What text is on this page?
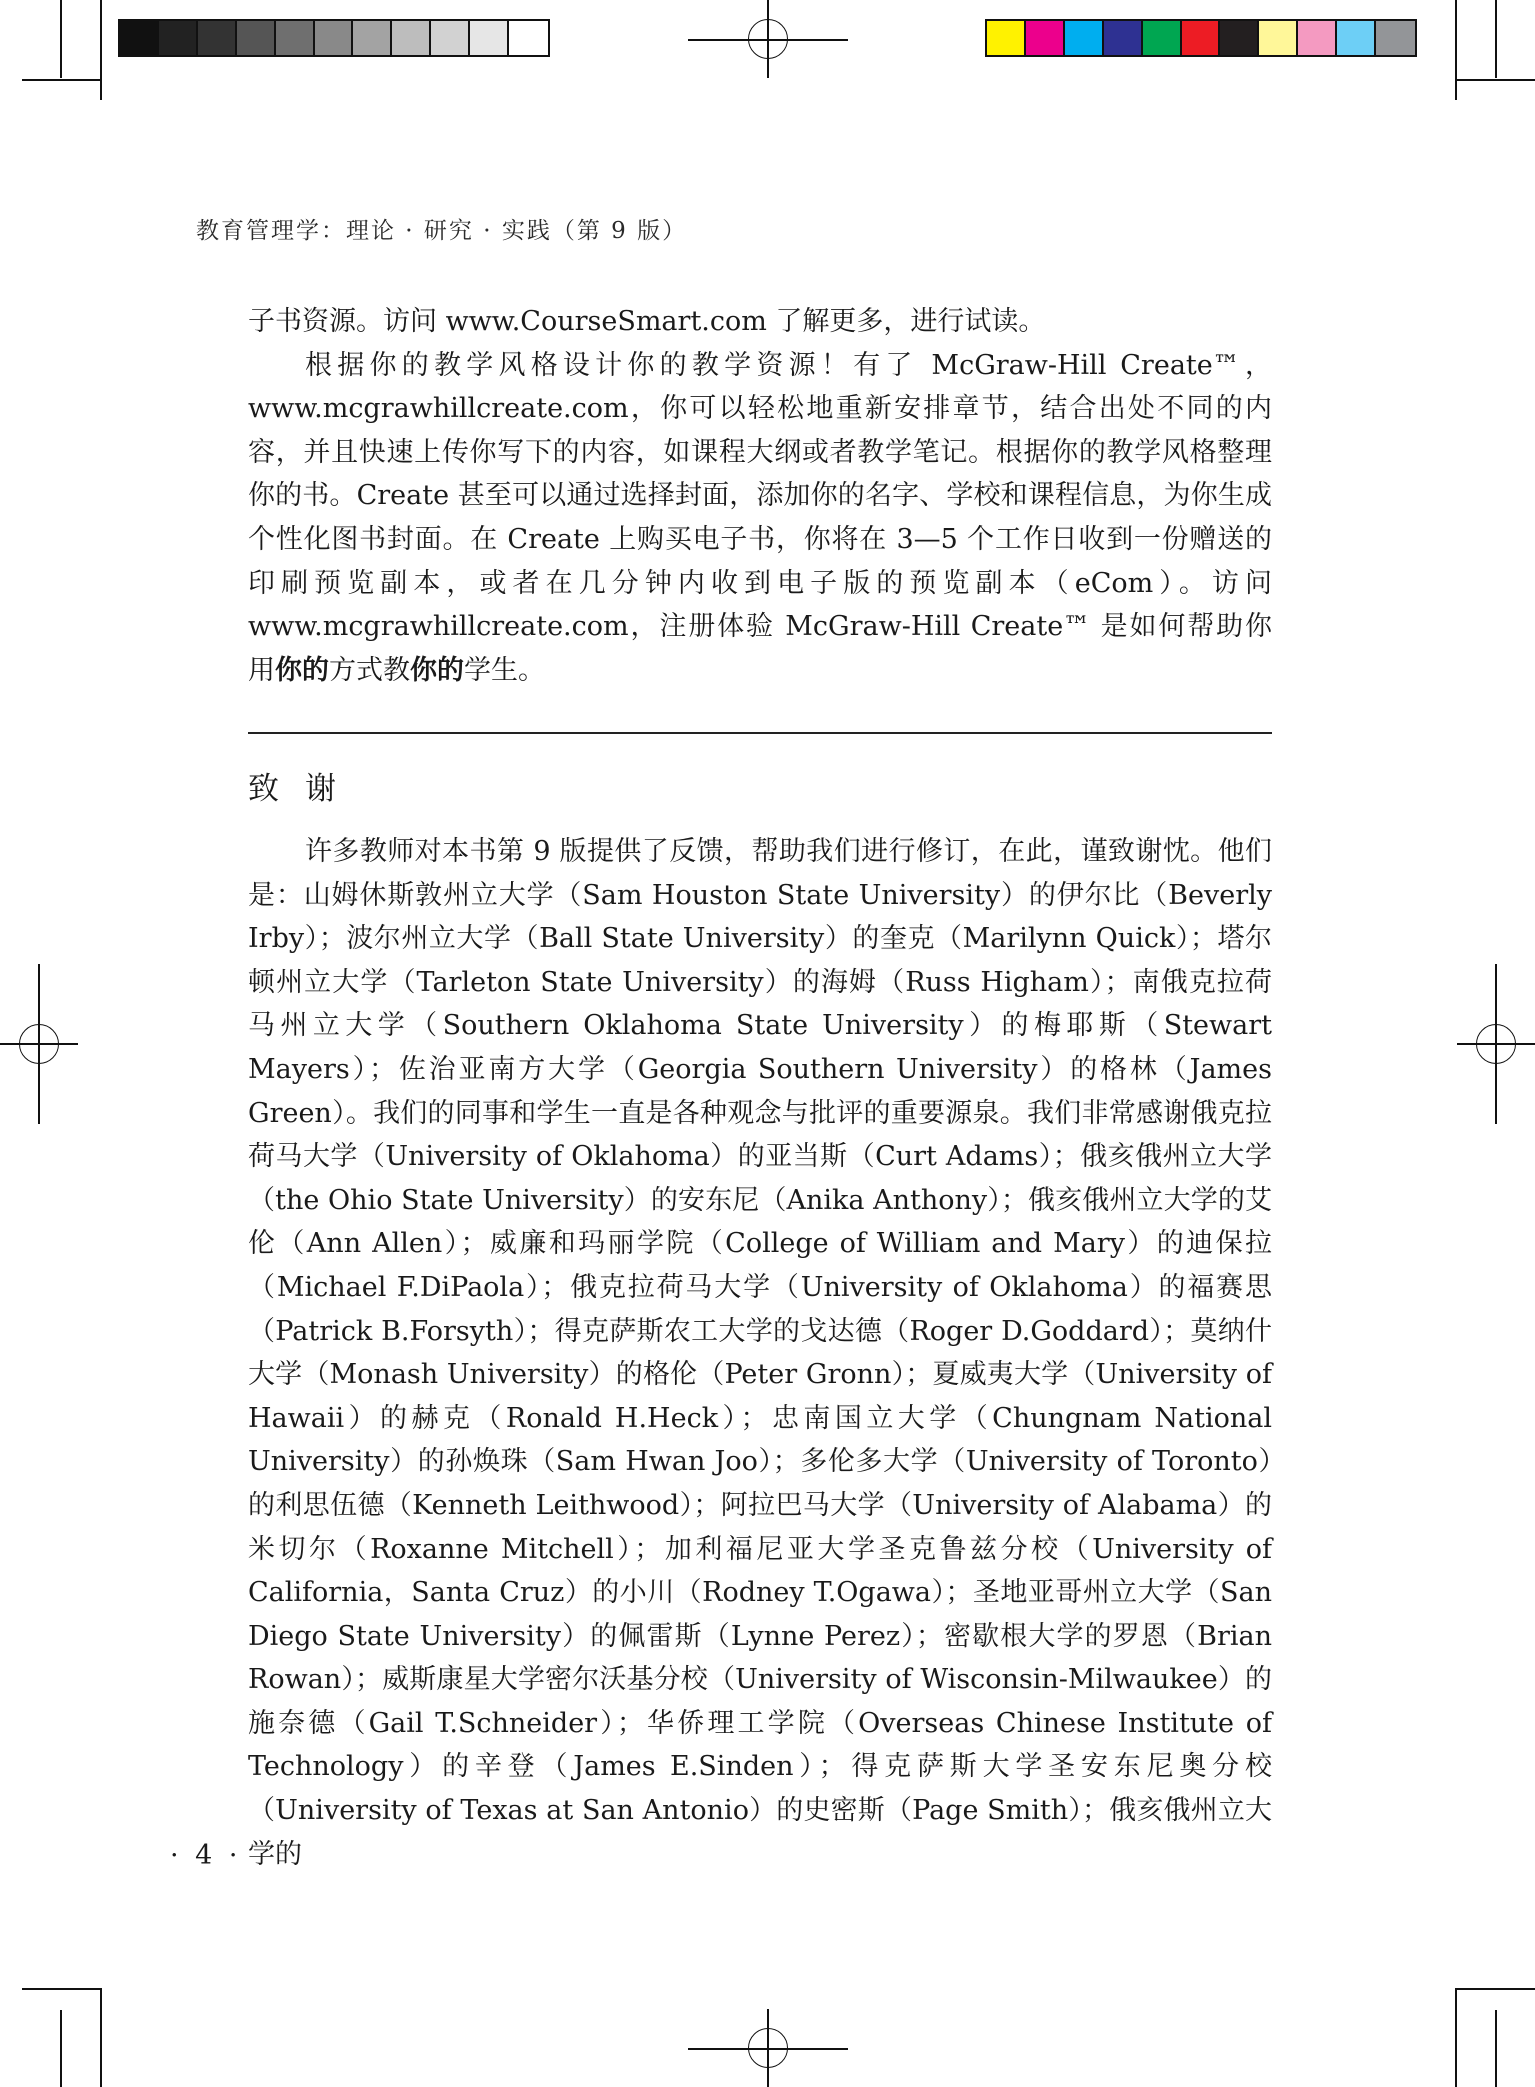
教育管理学：理论 · 研究 · 实践（第 9 版）

子书资源。访问 www.CourseSmart.com 了解更多，进行试读。

根据你的教学风格设计你的教学资源！有了 McGraw-Hill Create™，www.mcgrawhillcreate.com，你可以轻松地重新安排章节，结合出处不同的内容，并且快速上传你写下的内容，如课程大纲或者教学笔记。根据你的教学风格整理你的书。Create 甚至可以通过选择封面，添加你的名字、学校和课程信息，为你生成个性化图书封面。在 Create 上购买电子书，你将在 3—5 个工作日收到一份赠送的印刷预览副本，或者在几分钟内收到电子版的预览副本（eCom）。访问 www.mcgrawhillcreate.com，注册体验 McGraw-Hill Create™ 是如何帮助你用你的方式教你的学生。

致谢

许多教师对本书第 9 版提供了反馈，帮助我们进行修订，在此，谨致谢忱。他们是：山姆休斯敦州立大学（Sam Houston State University）的伊尔比（Beverly Irby）；波尔州立大学（Ball State University）的奎克（Marilynn Quick）；塔尔顿州立大学（Tarleton State University）的海姆（Russ Higham）；南俄克拉荷马州立大学（Southern Oklahoma State University）的梅耶斯（Stewart Mayers）；佐治亚南方大学（Georgia Southern University）的格林（James Green）。我们的同事和学生一直是各种观念与批评的重要源泉。我们非常感谢俄克拉荷马大学（University of Oklahoma）的亚当斯（Curt Adams）；俄亥俄州立大学（the Ohio State University）的安东尼（Anika Anthony）；俄亥俄州立大学的艾伦（Ann Allen）；威廉和玛丽学院（College of William and Mary）的迪保拉（Michael F.DiPaola）；俄克拉荷马大学（University of Oklahoma）的福赛思（Patrick B.Forsyth）；得克萨斯农工大学的戈达德（Roger D.Goddard）；莫纳什大学（Monash University）的格伦（Peter Gronn）；夏威夷大学（University of Hawaii）的赫克（Ronald H.Heck）；忠南国立大学（Chungnam National University）的孙焕珠（Sam Hwan Joo）；多伦多大学（University of Toronto）的利思伍德（Kenneth Leithwood）；阿拉巴马大学（University of Alabama）的米切尔（Roxanne Mitchell）；加利福尼亚大学圣克鲁兹分校（University of California，Santa Cruz）的小川（Rodney T.Ogawa）；圣地亚哥州立大学（San Diego State University）的佩雷斯（Lynne Perez）；密歇根大学的罗恩（Brian Rowan）；威斯康星大学密尔沃基分校（University of Wisconsin-Milwaukee）的施奈德（Gail T.Schneider）；华侨理工学院（Overseas Chinese Institute of Technology）的辛登（James E.Sinden）；得克萨斯大学圣安东尼奥分校（University of Texas at San Antonio）的史密斯（Page Smith）；俄亥俄州立大学的

· 4 ·
